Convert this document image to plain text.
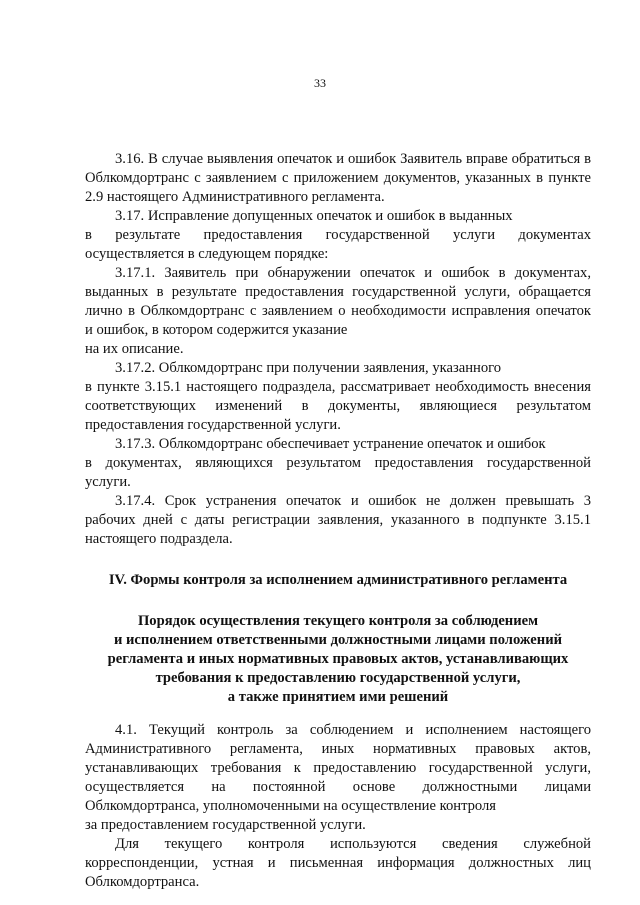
33
3.16. В случае выявления опечаток и ошибок Заявитель вправе обратиться в
Облкомдортранс с заявлением с приложением документов, указанных в пункте
2.9 настоящего Административного регламента.
3.17. Исправление допущенных опечаток и ошибок в выданных
в результате предоставления государственной услуги документах
осуществляется в следующем порядке:
3.17.1. Заявитель при обнаружении опечаток и ошибок в документах,
выданных в результате предоставления государственной услуги, обращается
лично в Облкомдортранс с заявлением о необходимости исправления опечаток
и ошибок, в котором содержится указание
на их описание.
3.17.2. Облкомдортранс при получении заявления, указанного
в пункте 3.15.1 настоящего подраздела, рассматривает необходимость внесения
соответствующих изменений в документы, являющиеся результатом
предоставления государственной услуги.
3.17.3. Облкомдортранс обеспечивает устранение опечаток и ошибок
в документах, являющихся результатом предоставления государственной
услуги.
3.17.4. Срок устранения опечаток и ошибок не должен превышать 3
рабочих дней с даты регистрации заявления, указанного в подпункте 3.15.1
настоящего подраздела.
IV. Формы контроля за исполнением административного регламента
Порядок осуществления текущего контроля за соблюдением
и исполнением ответственными должностными лицами положений
регламента и иных нормативных правовых актов, устанавливающих
требования к предоставлению государственной услуги,
а также принятием ими решений
4.1. Текущий контроль за соблюдением и исполнением настоящего
Административного регламента, иных нормативных правовых актов,
устанавливающих требования к предоставлению государственной услуги,
осуществляется на постоянной основе должностными лицами
Облкомдортранса, уполномоченными на осуществление контроля
за предоставлением государственной услуги.
Для текущего контроля используются сведения служебной
корреспонденции, устная и письменная информация должностных лиц
Облкомдортранса.
